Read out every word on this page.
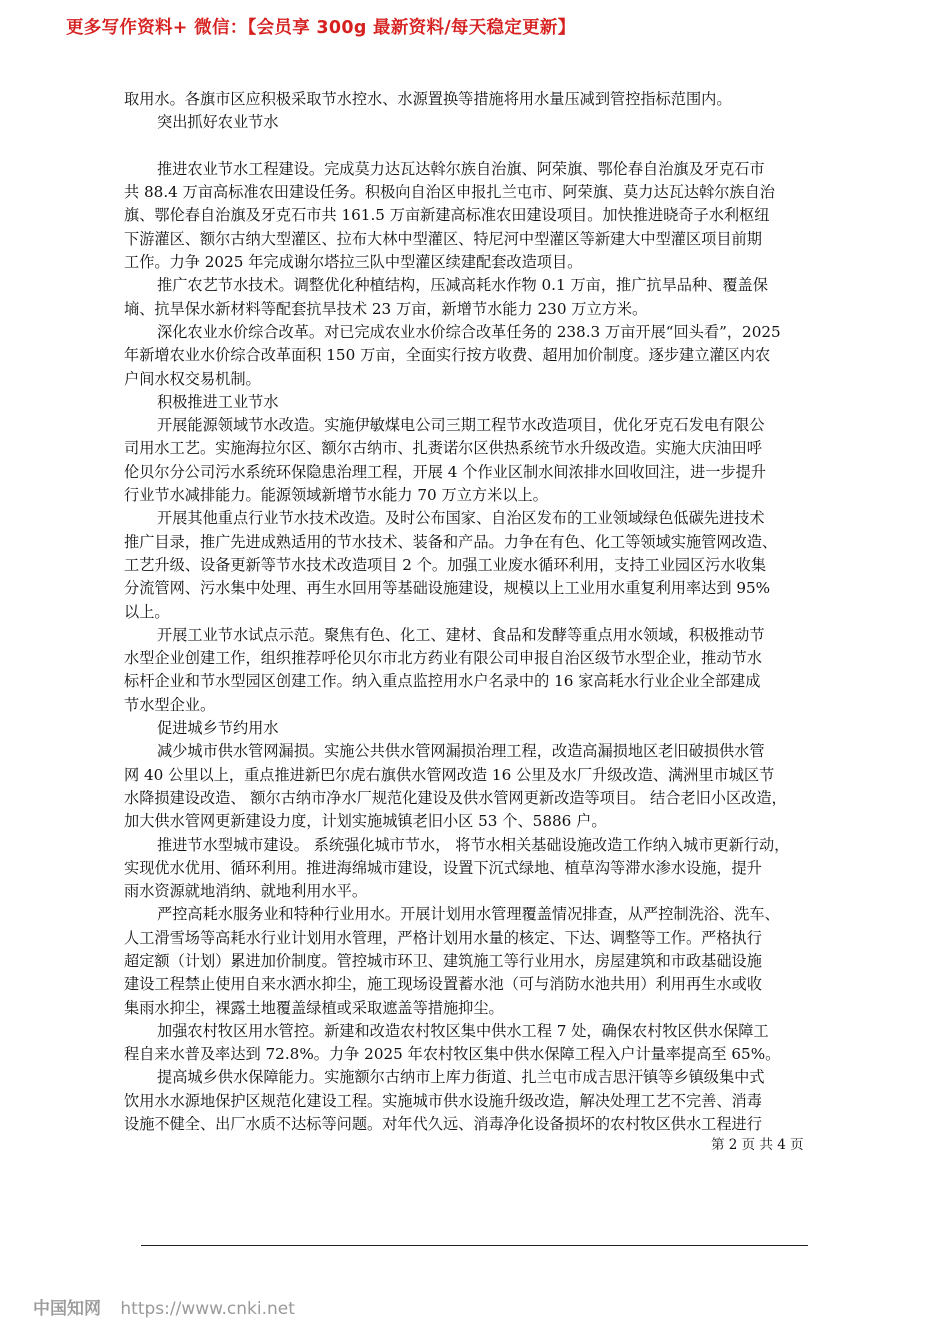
更多写作资料+ 微信：【会员享 300g 最新资料/每天稳定更新】
取用水。各旗市区应积极采取节水控水、水源置换等措施将用水量压减到管控指标范围内。
突出抓好农业节水
推进农业节水工程建设。完成莫力达瓦达斡尔族自治旗、阿荣旗、鄂伦春自治旗及牙克石市
共 88.4 万亩高标准农田建设任务。积极向自治区申报扎兰屯市、阿荣旗、莫力达瓦达斡尔族自治
旗、鄂伦春自治旗及牙克石市共 161.5 万亩新建高标准农田建设项目。加快推进晓奇子水利枢纽
下游灌区、额尔古纳大型灌区、拉布大林中型灌区、特尼河中型灌区等新建大中型灌区项目前期
工作。力争 2025 年完成谢尔塔拉三队中型灌区续建配套改造项目。
推广农艺节水技术。调整优化种植结构，压减高耗水作物 0.1 万亩，推广抗旱品种、覆盖保
墒、抗旱保水新材料等配套抗旱技术 23 万亩，新增节水能力 230 万立方米。
深化农业水价综合改革。对已完成农业水价综合改革任务的 238.3 万亩开展“回头看”，2025
年新增农业水价综合改革面积 150 万亩，全面实行按方收费、超用加价制度。逐步建立灌区内农
户间水权交易机制。
积极推进工业节水
开展能源领域节水改造。实施伊敏煤电公司三期工程节水改造项目，优化牙克石发电有限公
司用水工艺。实施海拉尔区、额尔古纳市、扎赉诺尔区供热系统节水升级改造。实施大庆油田呼
伦贝尔分公司污水系统环保隐患治理工程，开展 4 个作业区制水间浓排水回收回注，进一步提升
行业节水减排能力。能源领域新增节水能力 70 万立方米以上。
开展其他重点行业节水技术改造。及时公布国家、自治区发布的工业领域绿色低碳先进技术
推广目录，推广先进成熟适用的节水技术、装备和产品。力争在有色、化工等领域实施管网改造、
工艺升级、设备更新等节水技术改造项目 2 个。加强工业废水循环利用，支持工业园区污水收集
分流管网、污水集中处理、再生水回用等基础设施建设，规模以上工业用水重复利用率达到 95%
以上。
开展工业节水试点示范。聚焦有色、化工、建材、食品和发酵等重点用水领域，积极推动节
水型企业创建工作，组织推荐呼伦贝尔市北方药业有限公司申报自治区级节水型企业，推动节水
标杆企业和节水型园区创建工作。纳入重点监控用水户名录中的 16 家高耗水行业企业全部建成
节水型企业。
促进城乡节约用水
减少城市供水管网漏损。实施公共供水管网漏损治理工程，改造高漏损地区老旧破损供水管
网 40 公里以上，重点推进新巴尔虎右旗供水管网改造 16 公里及水厂升级改造、满洲里市城区节
水降损建设改造、 额尔古纳市净水厂规范化建设及供水管网更新改造等项目。 结合老旧小区改造，
加大供水管网更新建设力度，计划实施城镇老旧小区 53 个、5886 户。
推进节水型城市建设。 系统强化城市节水， 将节水相关基础设施改造工作纳入城市更新行动，
实现优水优用、循环利用。推进海绵城市建设，设置下沉式绿地、植草沟等滞水渗水设施，提升
雨水资源就地消纳、就地利用水平。
严控高耗水服务业和特种行业用水。开展计划用水管理覆盖情况排查，从严控制洗浴、洗车、
人工滑雪场等高耗水行业计划用水管理，严格计划用水量的核定、下达、调整等工作。严格执行
超定额（计划）累进加价制度。管控城市环卫、建筑施工等行业用水，房屋建筑和市政基础设施
建设工程禁止使用自来水洒水抑尘，施工现场设置蓄水池（可与消防水池共用）利用再生水或收
集雨水抑尘，裸露土地覆盖绿植或采取遮盖等措施抑尘。
加强农村牧区用水管控。新建和改造农村牧区集中供水工程 7 处，确保农村牧区供水保障工
程自来水普及率达到 72.8%。力争 2025 年农村牧区集中供水保障工程入户计量率提高至 65%。
提高城乡供水保障能力。实施额尔古纳市上库力街道、扎兰屯市成吉思汗镇等乡镇级集中式
饮用水水源地保护区规范化建设工程。实施城市供水设施升级改造，解决处理工艺不完善、消毒
设施不健全、出厂水质不达标等问题。对年代久远、消毒净化设备损坏的农村牧区供水工程进行
第 2 页 共 4 页
中国知网 https://www.cnki.net
